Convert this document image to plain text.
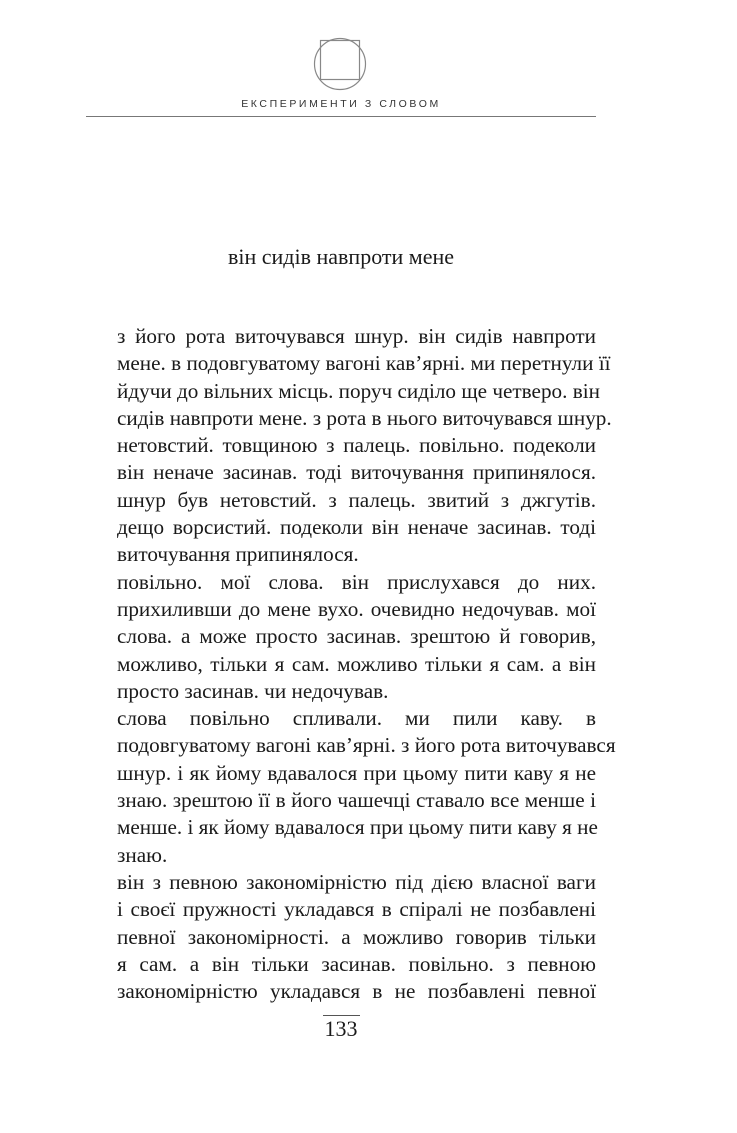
ЕКСПЕРИМЕНТИ З СЛОВОМ
він сидів навпроти мене

з його рота виточувався шнур. він сидів навпроти
мене. в подовгуватому вагоні кав’ярні. ми перетнули її
йдучи до вільних місць. поруч сиділо ще четверо. він
сидів навпроти мене. з рота в нього виточувався шнур.

нетовстий. товщиною з палець. повільно. подеколи
він неначе засинав. тоді виточування припинялося.
шнур був нетовстий. з палець. звитий з джгутів.
дещо ворсистий. подеколи він неначе засинав. тоді
виточування припинялося.

повільно. мої слова. він прислухався до них.
прихиливши до мене вухо. очевидно недочував. мої
слова. а може просто засинав. зрештою й говорив,
можливо, тільки я сам. можливо тільки я сам. а він
просто засинав. чи недочував.

слова повільно спливали. ми пили каву. в
подовгуватому вагоні кав’ярні. з його рота виточувався
шнур. і як йому вдавалося при цьому пити каву я не
знаю. зрештою її в його чашечці ставало все менше і
менше. і як йому вдавалося при цьому пити каву я не
знаю.

він з певною закономірністю під дією власної ваги
і своєї пружності укладався в спіралі не позбавлені
певної закономірності. а можливо говорив тільки
я сам. а він тільки засинав. повільно. з певною
закономірністю укладався в не позбавлені певної

133
